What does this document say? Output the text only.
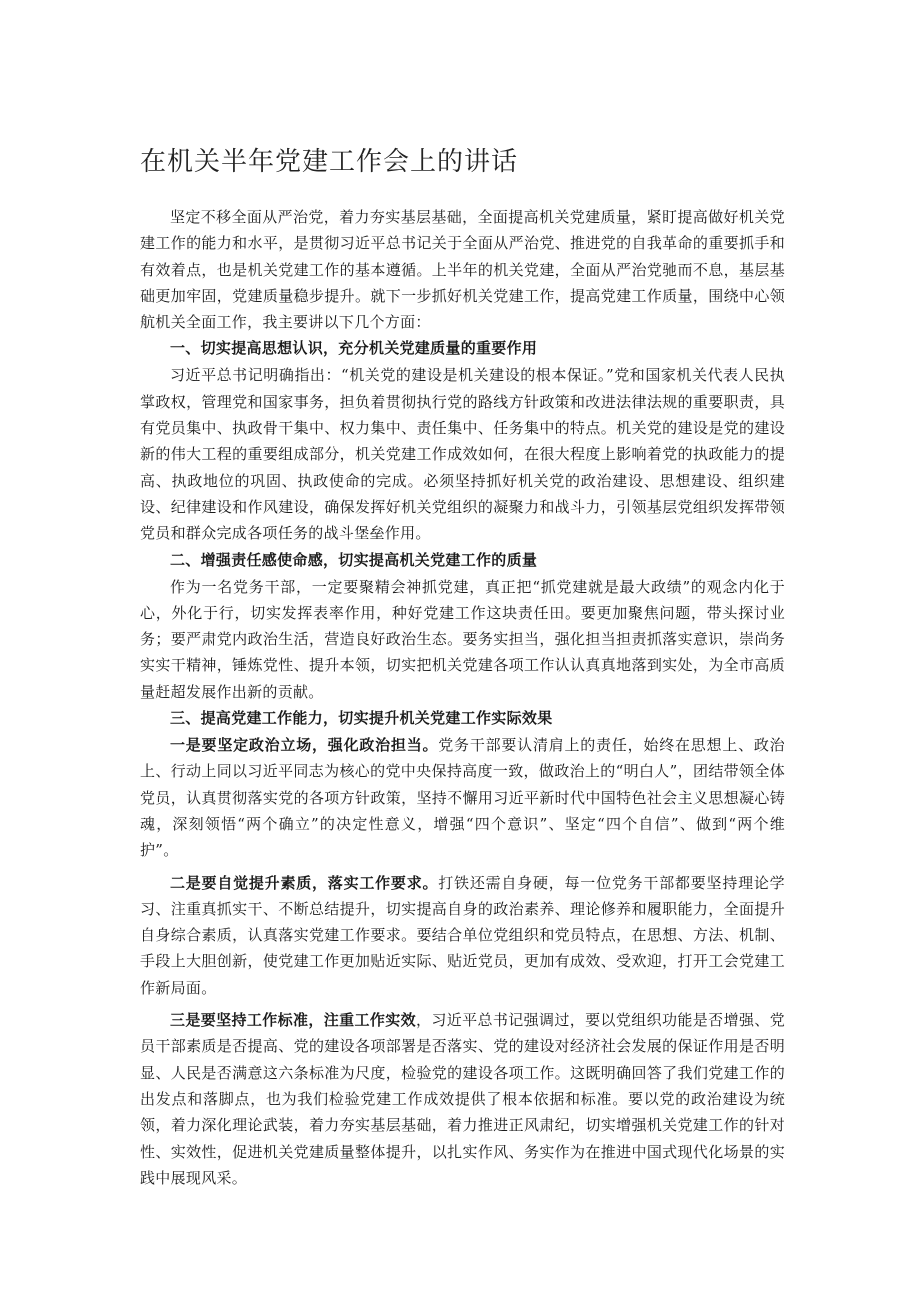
在机关半年党建工作会上的讲话

坚定不移全面从严治党，着力夯实基层基础，全面提高机关党建质量，紧盯提高做好机关党建工作的能力和水平，是贯彻习近平总书记关于全面从严治党、推进党的自我革命的重要抓手和有效着点，也是机关党建工作的基本遵循。上半年的机关党建，全面从严治党驰而不息，基层基础更加牢固，党建质量稳步提升。就下一步抓好机关党建工作，提高党建工作质量，围绕中心领航机关全面工作，我主要讲以下几个方面：

一、切实提高思想认识，充分机关党建质量的重要作用

习近平总书记明确指出：“机关党的建设是机关建设的根本保证。”党和国家机关代表人民执掌政权，管理党和国家事务，担负着贯彻执行党的路线方针政策和改进法律法规的重要职责，具有党员集中、执政骨干集中、权力集中、责任集中、任务集中的特点。机关党的建设是党的建设新的伟大工程的重要组成部分，机关党建工作成效如何，在很大程度上影响着党的执政能力的提高、执政地位的巩固、执政使命的完成。必须坚持抓好机关党的政治建设、思想建设、组织建设、纪律建设和作风建设，确保发挥好机关党组织的凝聚力和战斗力，引领基层党组织发挥带领党员和群众完成各项任务的战斗堡垒作用。

二、增强责任感使命感，切实提高机关党建工作的质量

作为一名党务干部，一定要聚精会神抓党建，真正把“抓党建就是最大政绩”的观念内化于心，外化于行，切实发挥表率作用，种好党建工作这块责任田。要更加聚焦问题，带头探讨业务；要严肃党内政治生活，营造良好政治生态。要务实担当，强化担当担责抓落实意识，崇尚务实实干精神，锤炼党性、提升本领，切实把机关党建各项工作认认真真地落到实处，为全市高质量赶超发展作出新的贡献。

三、提高党建工作能力，切实提升机关党建工作实际效果

一是要坚定政治立场，强化政治担当。党务干部要认清肩上的责任，始终在思想上、政治上、行动上同以习近平同志为核心的党中央保持高度一致，做政治上的“明白人”，团结带领全体党员，认真贯彻落实党的各项方针政策，坚持不懈用习近平新时代中国特色社会主义思想凝心铸魂，深刻领悟“两个确立”的决定性意义，增强“四个意识”、坚定“四个自信”、做到“两个维护”。

二是要自觉提升素质，落实工作要求。打铁还需自身硬，每一位党务干部都要坚持理论学习、注重真抓实干、不断总结提升，切实提高自身的政治素养、理论修养和履职能力，全面提升自身综合素质，认真落实党建工作要求。要结合单位党组织和党员特点，在思想、方法、机制、手段上大胆创新，使党建工作更加贴近实际、贴近党员，更加有成效、受欢迎，打开工会党建工作新局面。

三是要坚持工作标准，注重工作实效，习近平总书记强调过，要以党组织功能是否增强、党员干部素质是否提高、党的建设各项部署是否落实、党的建设对经济社会发展的保证作用是否明显、人民是否满意这六条标准为尺度，检验党的建设各项工作。这既明确回答了我们党建工作的出发点和落脚点，也为我们检验党建工作成效提供了根本依据和标准。要以党的政治建设为统领，着力深化理论武装，着力夯实基层基础，着力推进正风肃纪，切实增强机关党建工作的针对性、实效性，促进机关党建质量整体提升，以扎实作风、务实作为在推进中国式现代化场景的实践中展现风采。
